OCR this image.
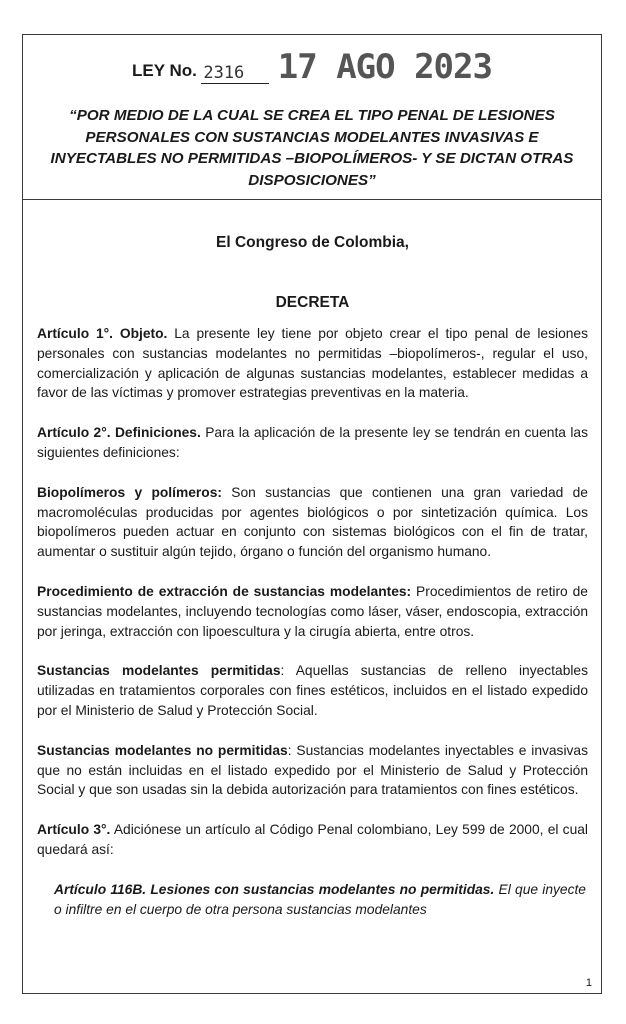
LEY No. 2316 17 AGO 2023
“POR MEDIO DE LA CUAL SE CREA EL TIPO PENAL DE LESIONES PERSONALES CON SUSTANCIAS MODELANTES INVASIVAS E INYECTABLES NO PERMITIDAS –BIOPOLÍMEROS- Y SE DICTAN OTRAS DISPOSICIONES”
El Congreso de Colombia,
DECRETA

Artículo 1°. Objeto. La presente ley tiene por objeto crear el tipo penal de lesiones personales con sustancias modelantes no permitidas –biopolímeros-, regular el uso, comercialización y aplicación de algunas sustancias modelantes, establecer medidas a favor de las víctimas y promover estrategias preventivas en la materia.

Artículo 2°. Definiciones. Para la aplicación de la presente ley se tendrán en cuenta las siguientes definiciones:

Biopolímeros y polímeros: Son sustancias que contienen una gran variedad de macromoléculas producidas por agentes biológicos o por sintetización química. Los biopolímeros pueden actuar en conjunto con sistemas biológicos con el fin de tratar, aumentar o sustituir algún tejido, órgano o función del organismo humano.

Procedimiento de extracción de sustancias modelantes: Procedimientos de retiro de sustancias modelantes, incluyendo tecnologías como láser, váser, endoscopia, extracción por jeringa, extracción con lipoescultura y la cirugía abierta, entre otros.

Sustancias modelantes permitidas: Aquellas sustancias de relleno inyectables utilizadas en tratamientos corporales con fines estéticos, incluidos en el listado expedido por el Ministerio de Salud y Protección Social.

Sustancias modelantes no permitidas: Sustancias modelantes inyectables e invasivas que no están incluidas en el listado expedido por el Ministerio de Salud y Protección Social y que son usadas sin la debida autorización para tratamientos con fines estéticos.

Artículo 3°. Adiciónese un artículo al Código Penal colombiano, Ley 599 de 2000, el cual quedará así:

Artículo 116B. Lesiones con sustancias modelantes no permitidas. El que inyecte o infiltre en el cuerpo de otra persona sustancias modelantes

1
